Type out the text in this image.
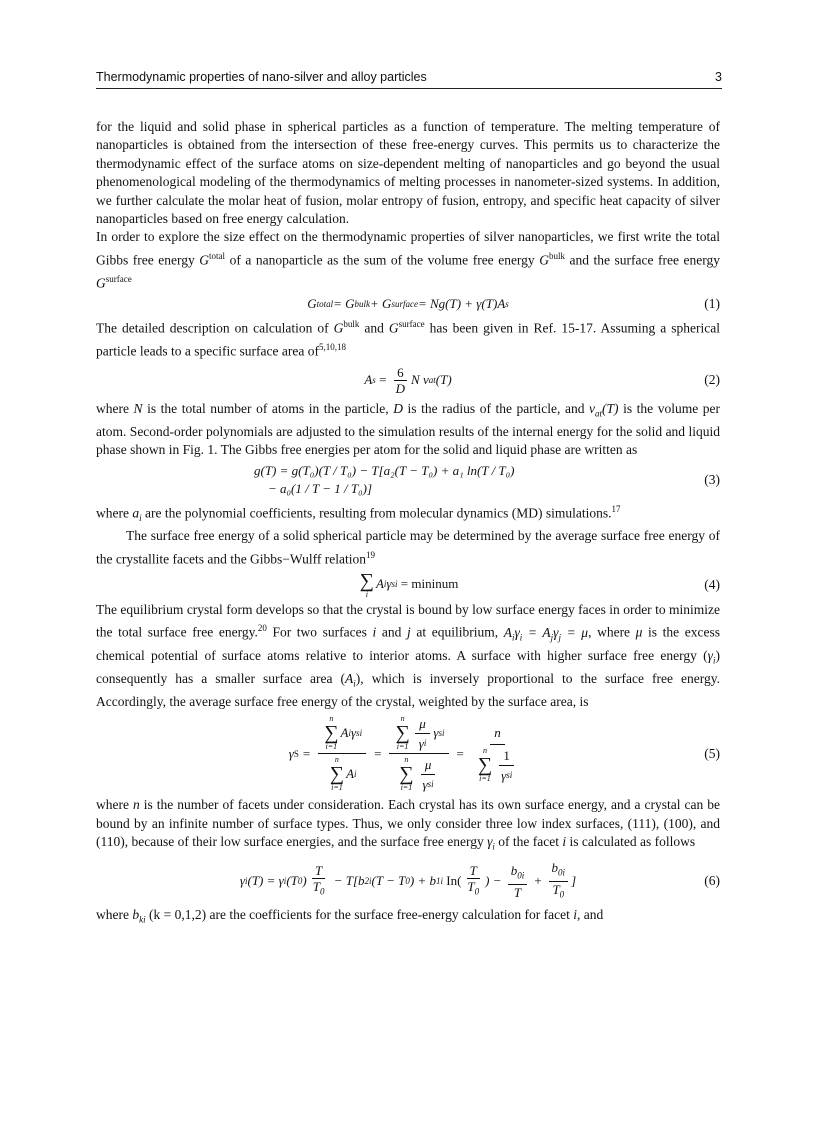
Thermodynamic properties of nano-silver and alloy particles	3

for the liquid and solid phase in spherical particles as a function of temperature. The melting temperature of nanoparticles is obtained from the intersection of these free-energy curves. This permits us to characterize the thermodynamic effect of the surface atoms on size-dependent melting of nanoparticles and go beyond the usual phenomenological modeling of the thermodynamics of melting processes in nanometer-sized systems. In addition, we further calculate the molar heat of fusion, molar entropy of fusion, entropy, and specific heat capacity of silver nanoparticles based on free energy calculation.

In order to explore the size effect on the thermodynamic properties of silver nanoparticles, we first write the total Gibbs free energy $G^{total}$ of a nanoparticle as the sum of the volume free energy $G^{bulk}$ and the surface free energy $G^{surface}$

G total = G bulk + G surface = Ng(T) + γ(T)A s	(1)

The detailed description on calculation of $G^{bulk}$ and $G^{surface}$ has been given in Ref. 15-17. Assuming a spherical particle leads to a specific surface area of$^{5,10,18}$

A $s = \frac{6}{D}$ N v at (T)	(2)

where N is the total number of atoms in the particle, D is the radius of the particle, and $v_{at}(T)$ is the volume per atom. Second-order polynomials are adjusted to the simulation results of the internal energy for the solid and liquid phase shown in Fig. 1. The Gibbs free energies per atom for the solid and liquid phase are written as

g(T) = g(T₀)(T / T₀) − T[a₂(T − T₀) + a₁ ln(T / T₀)
− a₀(1 / T − 1 / T₀)]
(3)

where $a_i$ are the polynomial coefficients, resulting from molecular dynamics (MD) simulations.$^{17}$

The surface free energy of a solid spherical particle may be determined by the average surface free energy of the crystallite facets and the Gibbs−Wulff relation$^{19}$

∑
i
A i γ si = mininum	(4)

The equilibrium crystal form develops so that the crystal is bound by low surface energy faces in order to minimize the total surface free energy.$^{20}$ For two surfaces i and j at equilibrium, $A_i\gamma_i = A_j\gamma_j = \mu$, where μ is the excess chemical potential of surface atoms relative to interior atoms. A surface with higher surface free energy $(\gamma_i)$ consequently has a smaller surface area $(A_i)$, which is inversely proportional to the surface free energy. Accordingly, the average surface free energy of the crystal, weighted by the surface area, is

γ S =
n
∑
i=1
A i γ si
n
∑
i=1
A i
=
n
∑
$i=1 \frac{\mu}{\text{γ i}}$ γ si
n
∑
$i=1 \frac{\mu}{\text{γ si}}$
=
n
n
∑
$i=1 \frac{1}{\text{γ si}}$	(5)

where n is the number of facets under consideration. Each crystal has its own surface energy, and a crystal can be bound by an infinite number of surface types. Thus, we only consider three low index surfaces, (111), (100), and (110), because of their low surface energies, and the surface free energy $\gamma_i$ of the facet i is calculated as follows

γ i (T) = γ i (T 0 ) $\frac{T}{T_0} - T[b$ 2i (T − T 0 ) + b 1i $In( \frac{T}{T_0}$ ) − $\frac{b_{0i}}{T} + \frac{b_{0i}}{T_0}$ ]	(6)

where $b_{ki}$ (k = 0,1,2) are the coefficients for the surface free-energy calculation for facet i, and
